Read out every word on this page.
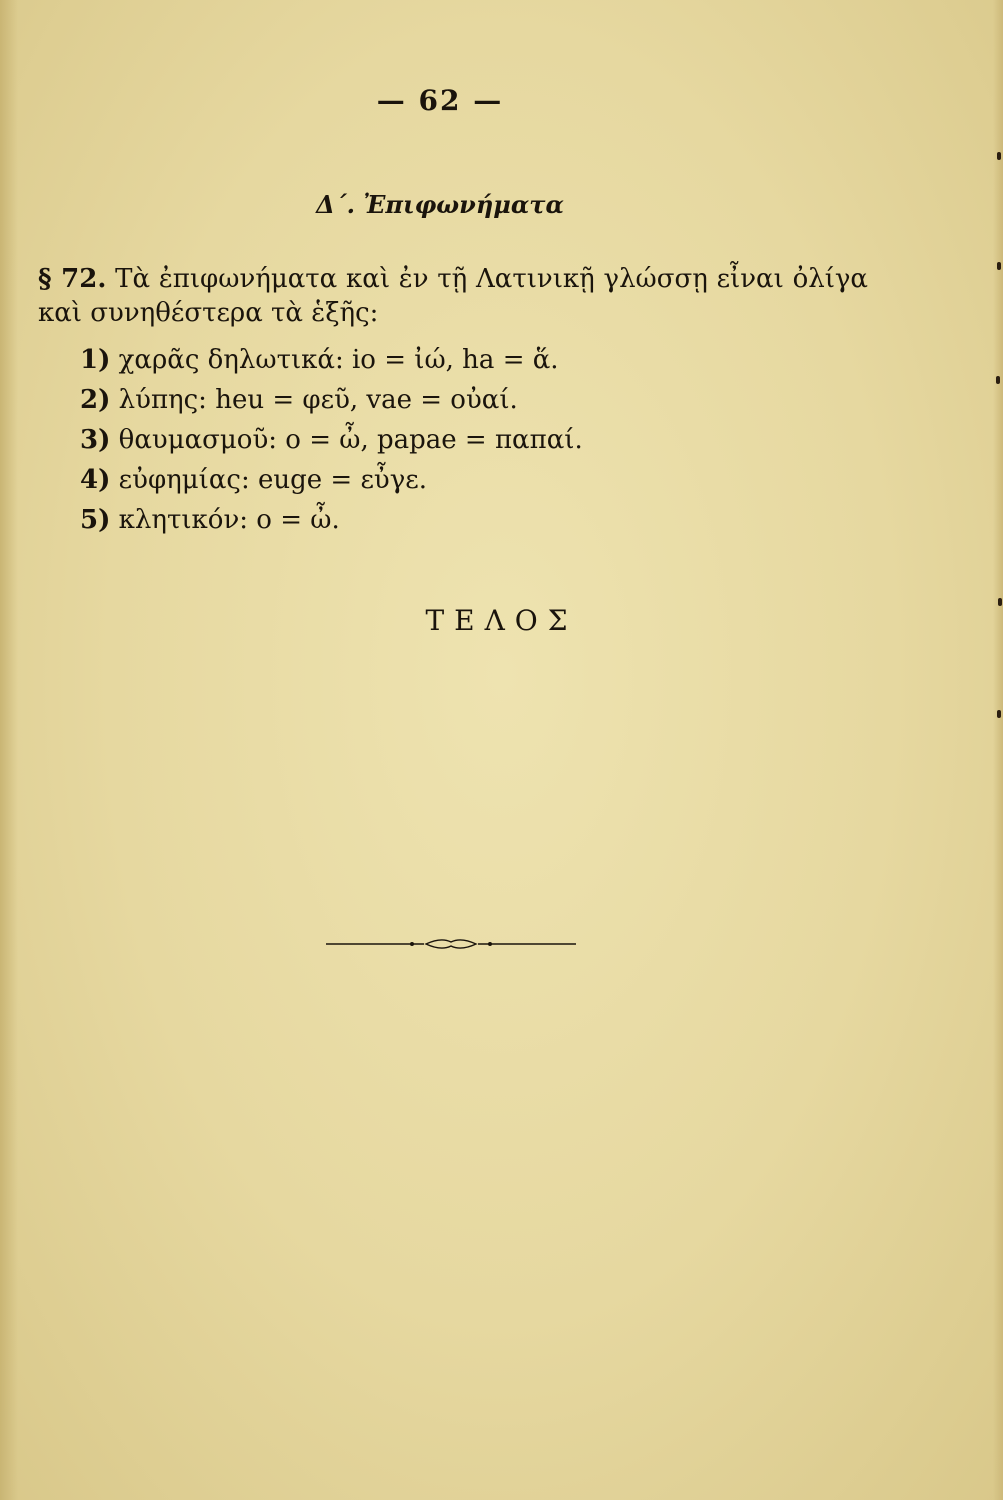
— 62 —
Δ΄. Ἐπιφωνήματα
§ 72. Τὰ ἐπιφωνήματα καὶ ἐν τῇ Λατινικῇ γλώσσῃ εἶναι ὀλίγα καὶ συνηθέστερα τὰ ἑξῆς:
1) χαρᾶς δηλωτικά: io = ἰώ, ha = ἅ.
2) λύπης: heu = φεῦ, vae = οὐαί.
3) θαυμασμοῦ: o = ὦ, papae = παπαί.
4) εὐφημίας: euge = εὖγε.
5) κλητικόν: o = ὦ.
ΤΕΛΟΣ
